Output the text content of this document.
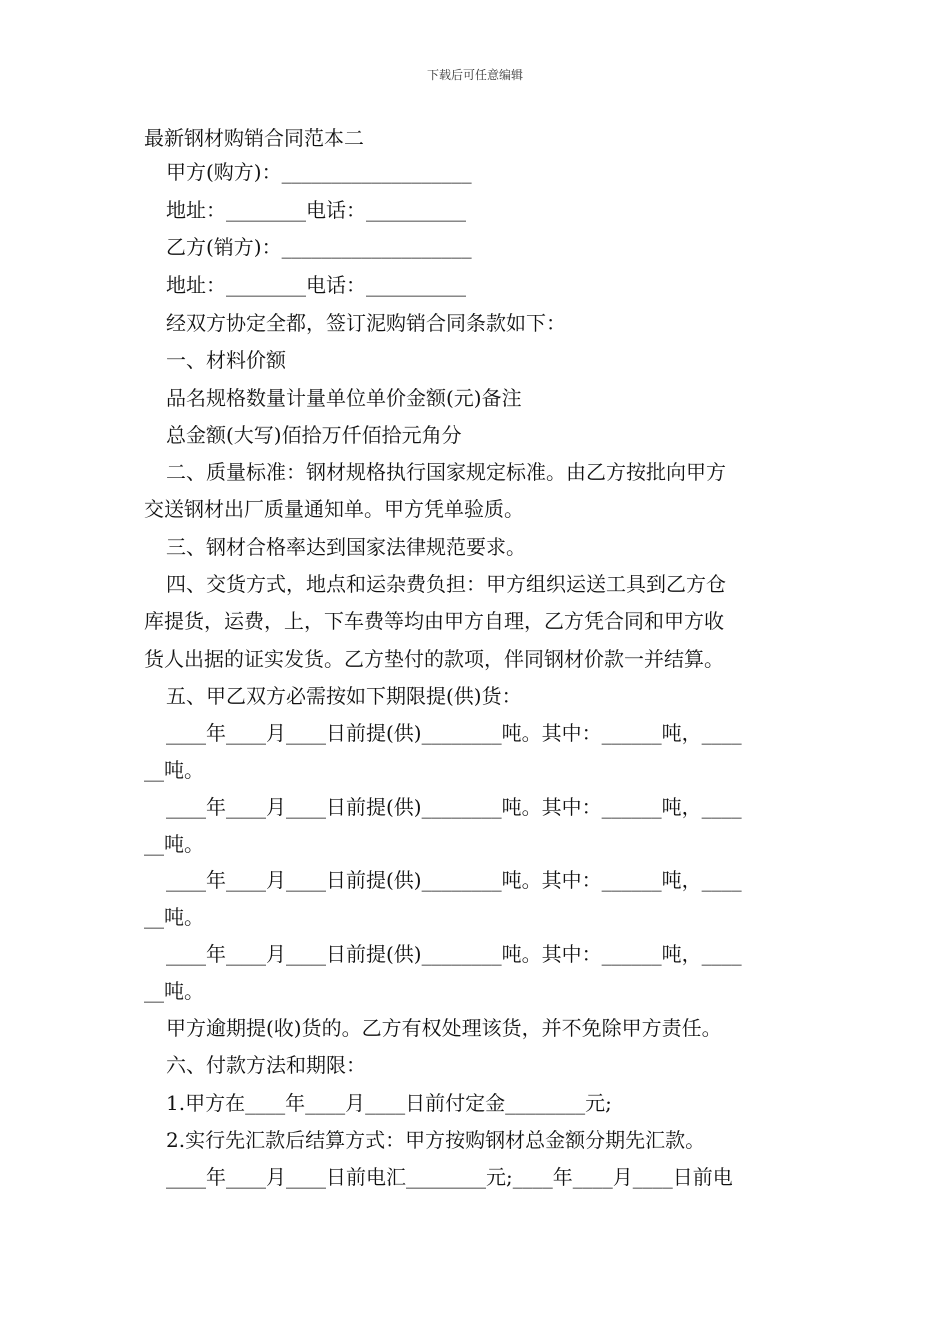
下载后可任意编辑
最新钢材购销合同范本二
甲方(购方)：___________________
地址：________电话：__________
乙方(销方)：___________________
地址：________电话：__________
经双方协定全都，签订泥购销合同条款如下：
一、材料价额
品名规格数量计量单位单价金额(元)备注
总金额(大写)佰拾万仟佰拾元角分
二、质量标准：钢材规格执行国家规定标准。由乙方按批向甲方
交送钢材出厂质量通知单。甲方凭单验质。
三、钢材合格率达到国家法律规范要求。
四、交货方式，地点和运杂费负担：甲方组织运送工具到乙方仓
库提货，运费，上，下车费等均由甲方自理，乙方凭合同和甲方收
货人出据的证实发货。乙方垫付的款项，伴同钢材价款一并结算。
五、甲乙双方必需按如下期限提(供)货：
____年____月____日前提(供)________吨。其中：______吨，____
__吨。
____年____月____日前提(供)________吨。其中：______吨，____
__吨。
____年____月____日前提(供)________吨。其中：______吨，____
__吨。
____年____月____日前提(供)________吨。其中：______吨，____
__吨。
甲方逾期提(收)货的。乙方有权处理该货，并不免除甲方责任。
六、付款方法和期限：
1.甲方在____年____月____日前付定金________元;
2.实行先汇款后结算方式：甲方按购钢材总金额分期先汇款。
____年____月____日前电汇________元;____年____月____日前电
